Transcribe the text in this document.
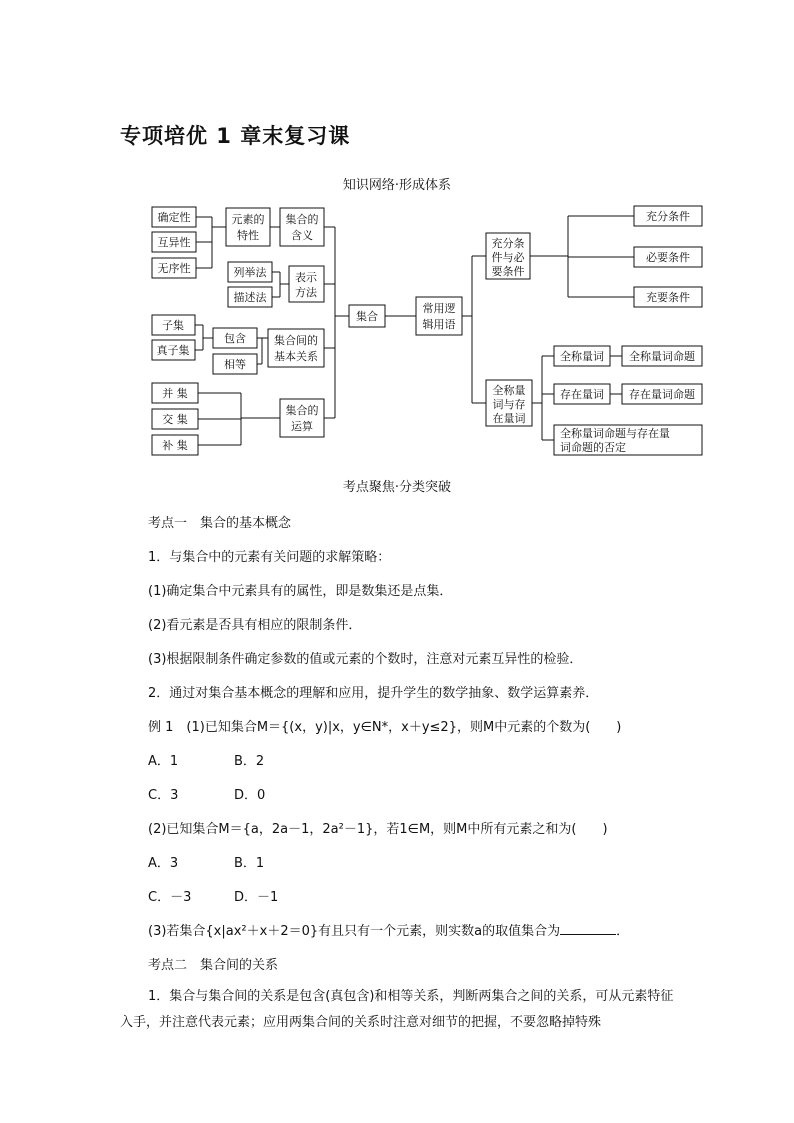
专项培优 1 章末复习课
知识网络·形成体系
确定性
互异性
无序性
元素的
特性
集合的
含义
列举法
描述法
表示
方法
子集
真子集
包含
相等
集合间的
基本关系
并 集
交 集
补 集
集合的
运算
集合
常用逻
辑用语
充分条
件与必
要条件
充分条件
必要条件
充要条件
全称量
词与存
在量词
全称量词
存在量词
全称量词命题
存在量词命题
全称量词命题与存在量
词命题的否定
考点聚焦·分类突破
考点一　集合的基本概念
1．与集合中的元素有关问题的求解策略：
(1)确定集合中元素具有的属性，即是数集还是点集．
(2)看元素是否具有相应的限制条件．
(3)根据限制条件确定参数的值或元素的个数时，注意对元素互异性的检验．
2．通过对集合基本概念的理解和应用，提升学生的数学抽象、数学运算素养．
例 1　(1)已知集合M＝{(x，y)|x，y∈N*，x＋y≤2}，则M中元素的个数为(　　)
A．1	B．2
C．3	D．0
(2)已知集合M＝{a，2a－1，2a²－1}，若1∈M，则M中所有元素之和为(　　)
A．3	B．1
C．－3	D．－1
(3)若集合{x|ax²＋x＋2＝0}有且只有一个元素，则实数a的取值集合为	．
考点二　集合间的关系
1．集合与集合间的关系是包含(真包含)和相等关系，判断两集合之间的关系，可从元素特征入手，并注意代表元素；应用两集合间的关系时注意对细节的把握，不要忽略掉特殊
